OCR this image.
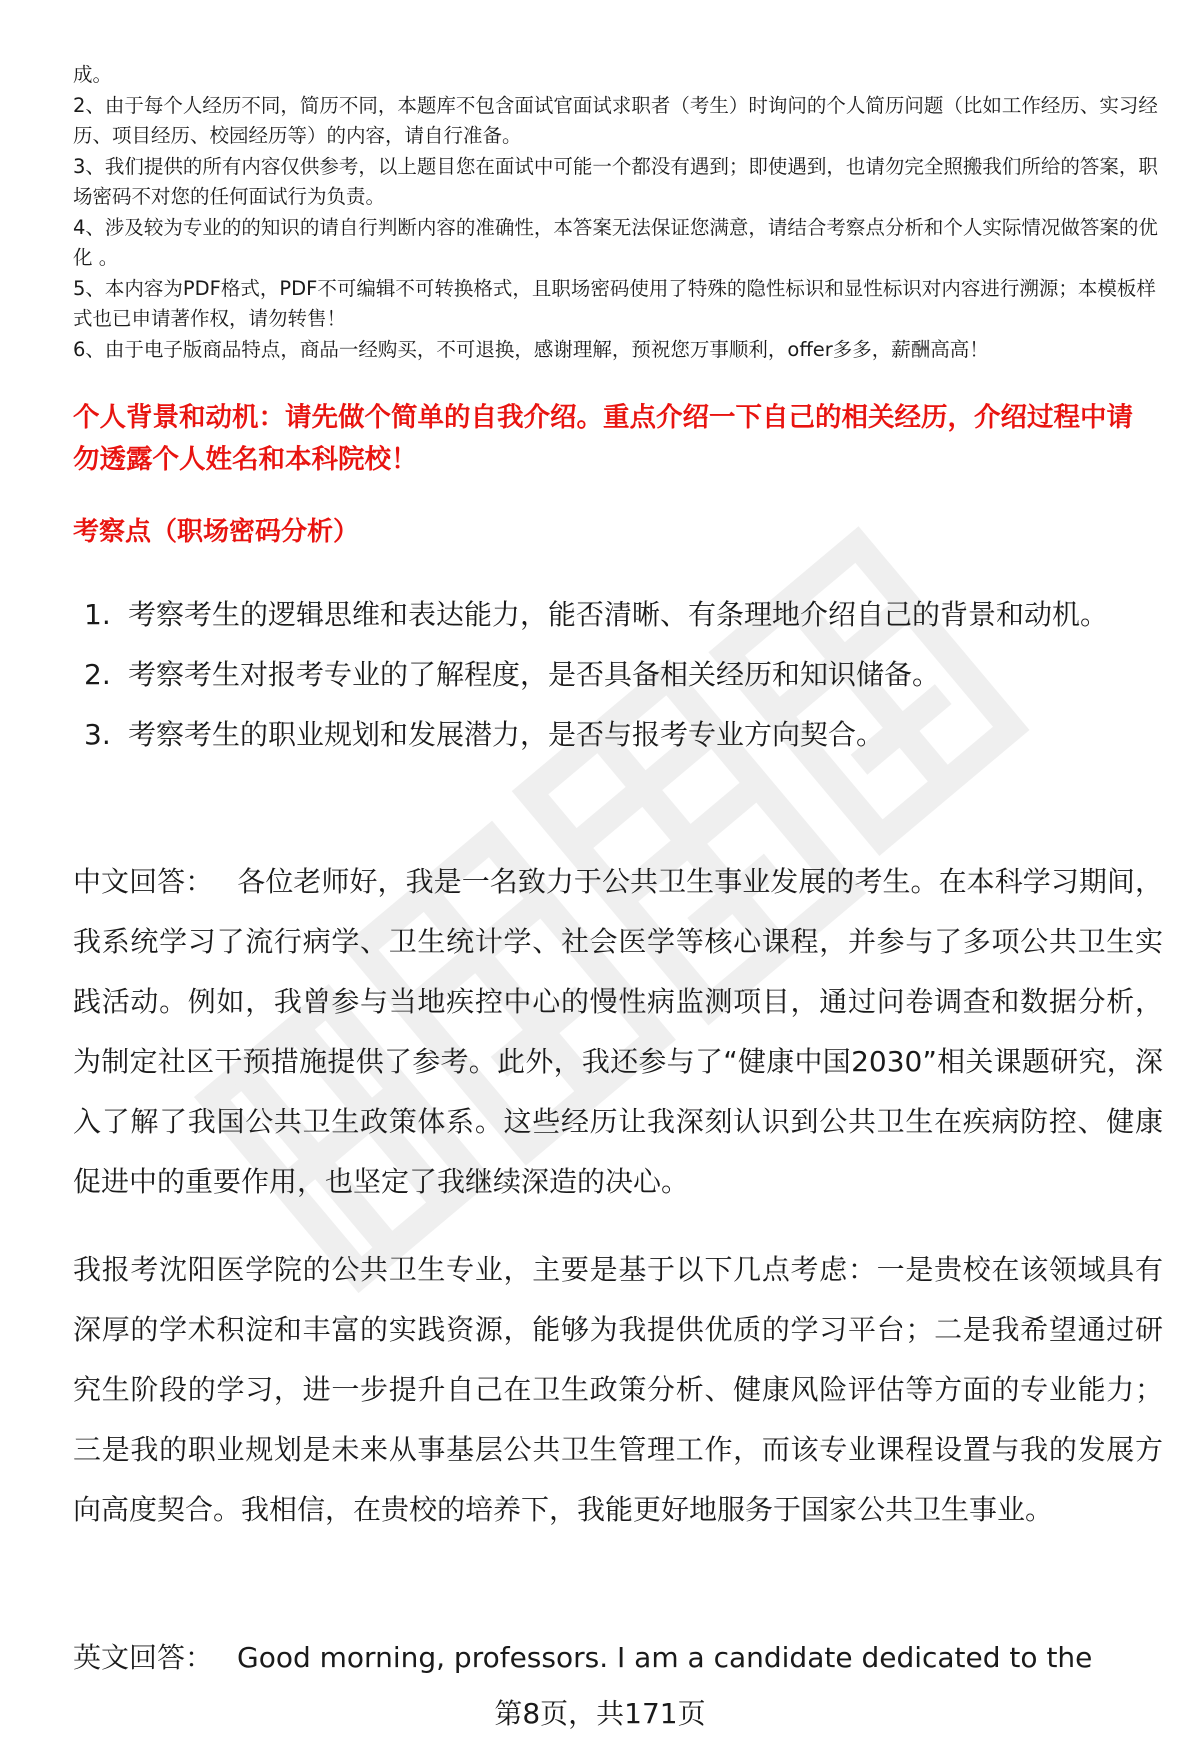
成。

2、由于每个人经历不同，简历不同，本题库不包含面试官面试求职者（考生）时询问的个人简历问题（比如工作经历、实习经历、项目经历、校园经历等）的内容，请自行准备。

3、我们提供的所有内容仅供参考，以上题目您在面试中可能一个都没有遇到；即使遇到，也请勿完全照搬我们所给的答案，职场密码不对您的任何面试行为负责。

4、涉及较为专业的的知识的请自行判断内容的准确性，本答案无法保证您满意，请结合考察点分析和个人实际情况做答案的优化 。

5、本内容为PDF格式，PDF不可编辑不可转换格式，且职场密码使用了特殊的隐性标识和显性标识对内容进行溯源；本模板样式也已申请著作权，请勿转售！

6、由于电子版商品特点，商品一经购买，不可退换，感谢理解，预祝您万事顺利，offer多多，薪酬高高！

个人背景和动机：请先做个简单的自我介绍。重点介绍一下自己的相关经历，介绍过程中请勿透露个人姓名和本科院校！
考察点（职场密码分析）
1. 考察考生的逻辑思维和表达能力，能否清晰、有条理地介绍自己的背景和动机。
2. 考察考生对报考专业的了解程度，是否具备相关经历和知识储备。
3. 考察考生的职业规划和发展潜力，是否与报考专业方向契合。

中文回答： 各位老师好，我是一名致力于公共卫生事业发展的考生。在本科学习期间，我系统学习了流行病学、卫生统计学、社会医学等核心课程，并参与了多项公共卫生实践活动。例如，我曾参与当地疾控中心的慢性病监测项目，通过问卷调查和数据分析，为制定社区干预措施提供了参考。此外，我还参与了“健康中国2030”相关课题研究，深入了解了我国公共卫生政策体系。这些经历让我深刻认识到公共卫生在疾病防控、健康促进中的重要作用，也坚定了我继续深造的决心。

我报考沈阳医学院的公共卫生专业，主要是基于以下几点考虑：一是贵校在该领域具有深厚的学术积淀和丰富的实践资源，能够为我提供优质的学习平台；二是我希望通过研究生阶段的学习，进一步提升自己在卫生政策分析、健康风险评估等方面的专业能力；三是我的职业规划是未来从事基层公共卫生管理工作，而该专业课程设置与我的发展方向高度契合。我相信，在贵校的培养下，我能更好地服务于国家公共卫生事业。

英文回答： Good morning, professors. I am a candidate dedicated to the

第8页，共171页
